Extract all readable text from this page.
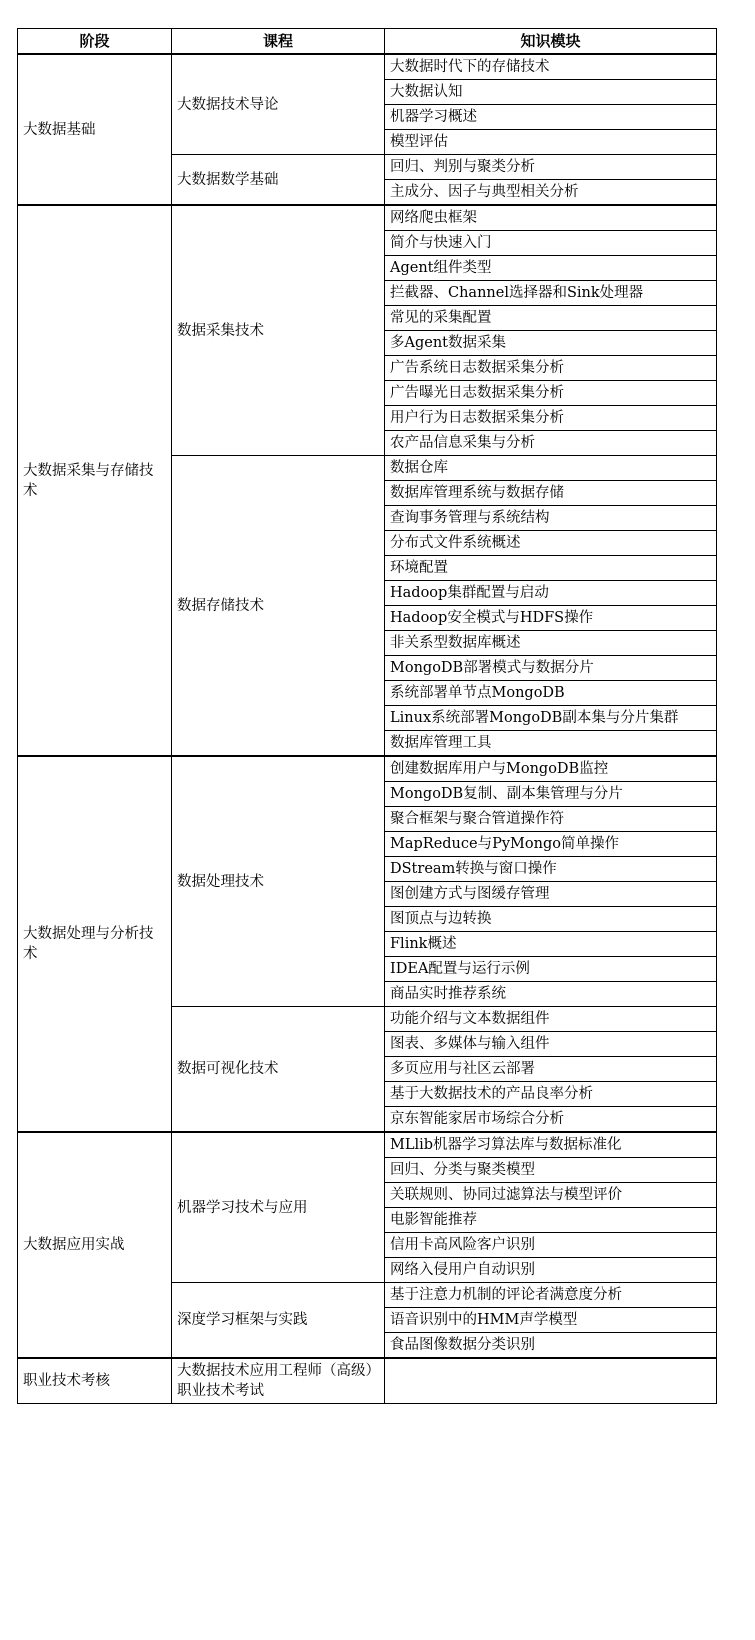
阶段	课程	知识模块
大数据基础	大数据技术导论	大数据时代下的存储技术
		大数据认知
		机器学习概述
		模型评估
	大数据数学基础	回归、判别与聚类分析
		主成分、因子与典型相关分析
大数据采集与存储技术	数据采集技术	网络爬虫框架
		简介与快速入门
		Agent组件类型
		拦截器、Channel选择器和Sink处理器
		常见的采集配置
		多Agent数据采集
		广告系统日志数据采集分析
		广告曝光日志数据采集分析
		用户行为日志数据采集分析
		农产品信息采集与分析
	数据存储技术	数据仓库
		数据库管理系统与数据存储
		查询事务管理与系统结构
		分布式文件系统概述
		环境配置
		Hadoop集群配置与启动
		Hadoop安全模式与HDFS操作
		非关系型数据库概述
		MongoDB部署模式与数据分片
		系统部署单节点MongoDB
		Linux系统部署MongoDB副本集与分片集群
		数据库管理工具
大数据处理与分析技术	数据处理技术	创建数据库用户与MongoDB监控
		MongoDB复制、副本集管理与分片
		聚合框架与聚合管道操作符
		MapReduce与PyMongo简单操作
		DStream转换与窗口操作
		图创建方式与图缓存管理
		图顶点与边转换
		Flink概述
		IDEA配置与运行示例
		商品实时推荐系统
	数据可视化技术	功能介绍与文本数据组件
		图表、多媒体与输入组件
		多页应用与社区云部署
		基于大数据技术的产品良率分析
		京东智能家居市场综合分析
大数据应用实战	机器学习技术与应用	MLlib机器学习算法库与数据标准化
		回归、分类与聚类模型
		关联规则、协同过滤算法与模型评价
		电影智能推荐
		信用卡高风险客户识别
		网络入侵用户自动识别
	深度学习框架与实践	基于注意力机制的评论者满意度分析
		语音识别中的HMM声学模型
		食品图像数据分类识别
职业技术考核	大数据技术应用工程师（高级）职业技术考试	
